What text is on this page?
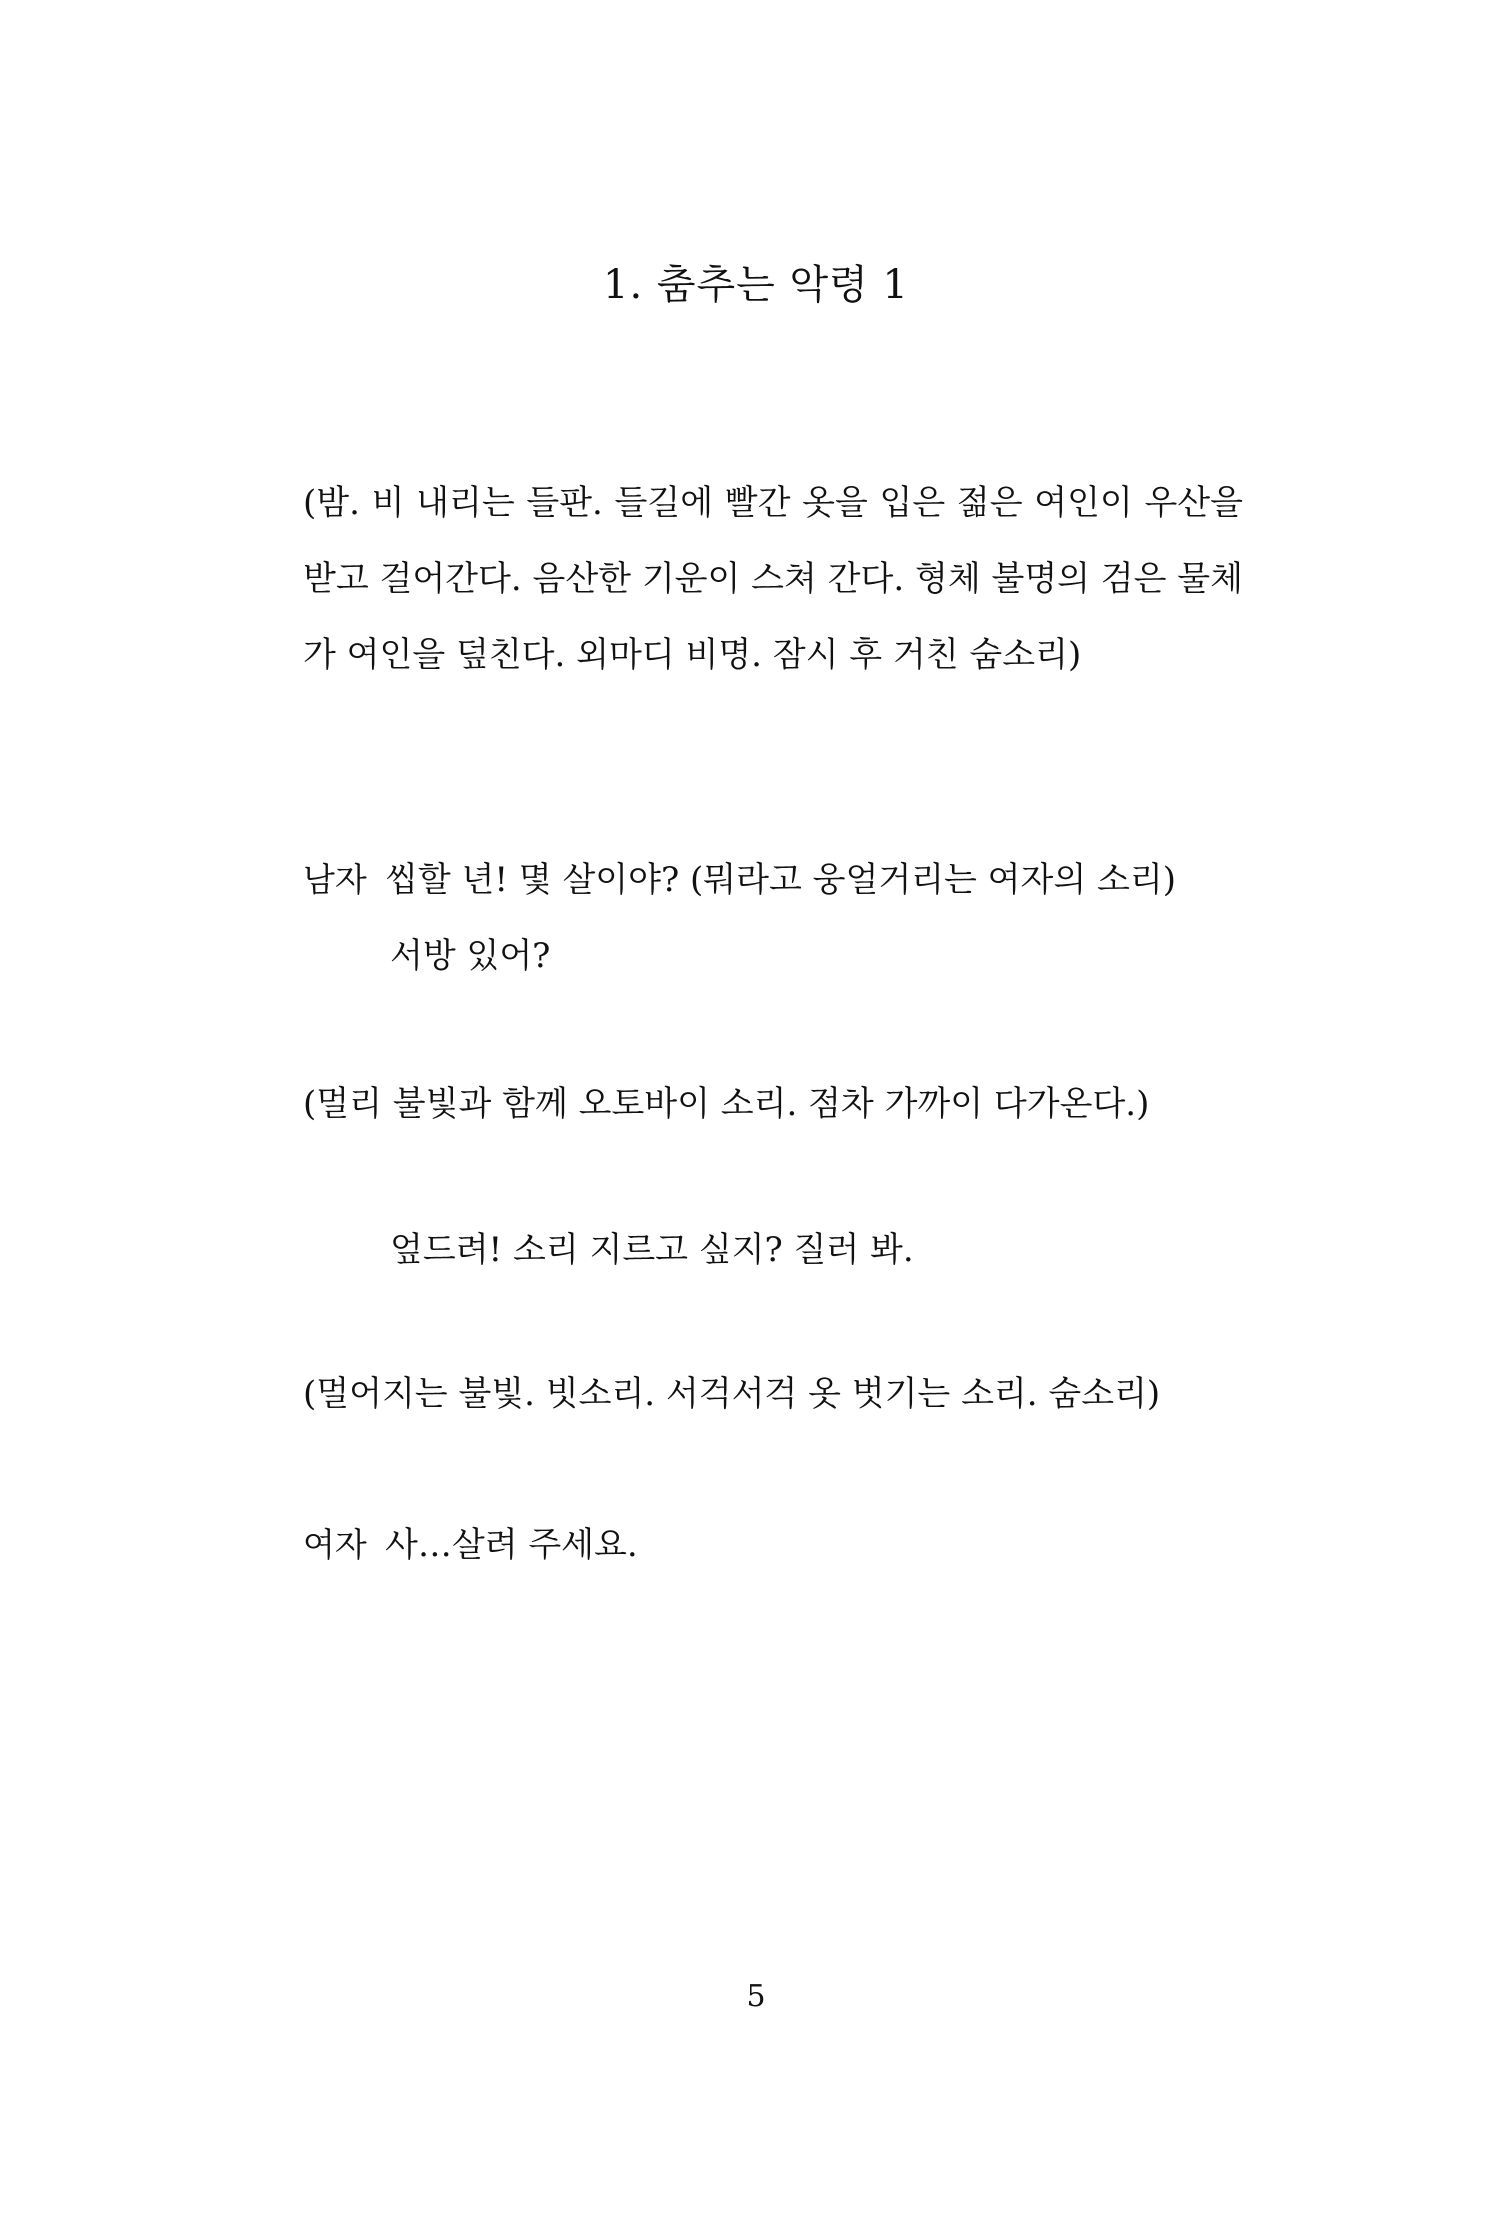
1. 춤추는 악령 1
(밤. 비 내리는 들판. 들길에 빨간 옷을 입은 젊은 여인이 우산을 받고 걸어간다. 음산한 기운이 스쳐 간다. 형체 불명의 검은 물체가 여인을 덮친다. 외마디 비명. 잠시 후 거친 숨소리)
남자 씹할 년! 몇 살이야? (뭐라고 웅얼거리는 여자의 소리)
서방 있어?
(멀리 불빛과 함께 오토바이 소리. 점차 가까이 다가온다.)
엎드려! 소리 지르고 싶지? 질러 봐.
(멀어지는 불빛. 빗소리. 서걱서걱 옷 벗기는 소리. 숨소리)
여자 사…살려 주세요.
5
